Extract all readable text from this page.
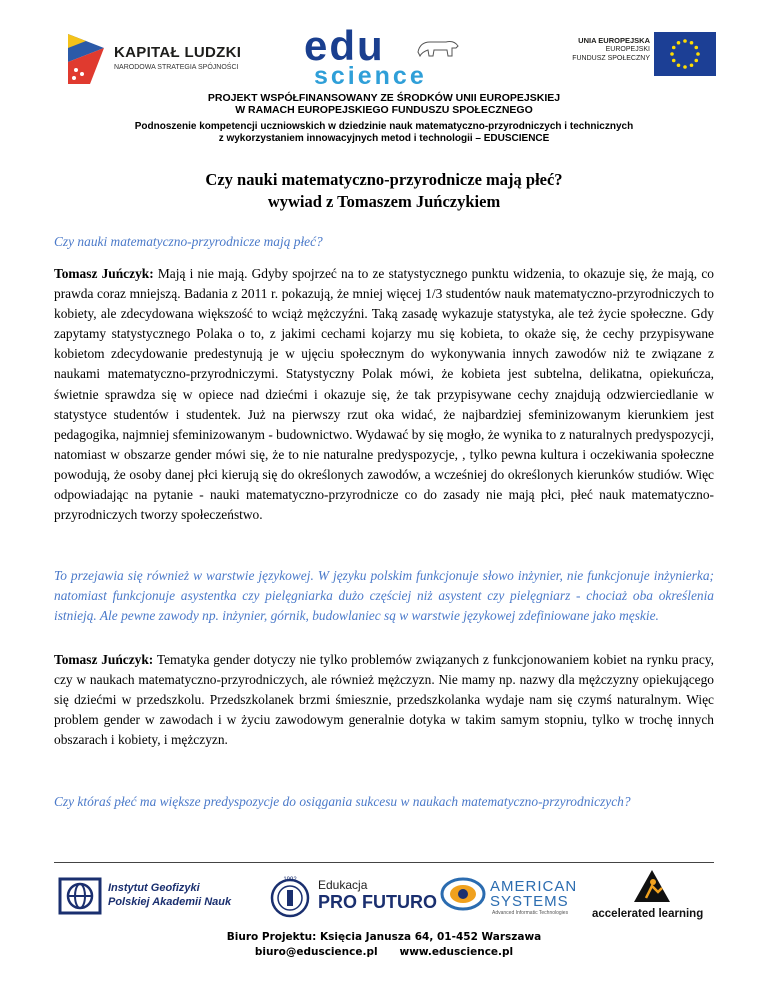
KAPITAŁ LUDZKI
NARODOWA STRATEGIA SPÓJNOŚCI edu
science
UNIA EUROPEJSKA
EUROPEJSKI
FUNDUSZ SPOŁECZNY
PROJEKT WSPÓŁFINANSOWANY ZE ŚRODKÓW UNII EUROPEJSKIEJ
W RAMACH EUROPEJSKIEGO FUNDUSZU SPOŁECZNEGO
Podnoszenie kompetencji uczniowskich w dziedzinie nauk matematyczno-przyrodniczych i technicznych
z wykorzystaniem innowacyjnych metod i technologii – EDUSCIENCE
Czy nauki matematyczno-przyrodnicze mają płeć?
wywiad z Tomaszem Juńczykiem
Czy nauki matematyczno-przyrodnicze mają płeć?
Tomasz Juńczyk: Mają i nie mają. Gdyby spojrzeć na to ze statystycznego punktu widzenia, to okazuje się, że mają, co prawda coraz mniejszą. Badania z 2011 r. pokazują, że mniej więcej 1/3 studentów nauk matematyczno-przyrodniczych to kobiety, ale zdecydowana większość to wciąż mężczyźni. Taką zasadę wykazuje statystyka, ale też życie społeczne. Gdy zapytamy statystycznego Polaka o to, z jakimi cechami kojarzy mu się kobieta, to okaże się, że cechy przypisywane kobietom zdecydowanie predestynują je w ujęciu społecznym do wykonywania innych zawodów niż te związane z naukami matematyczno-przyrodniczymi. Statystyczny Polak mówi, że kobieta jest subtelna, delikatna, opiekuńcza, świetnie sprawdza się w opiece nad dziećmi i okazuje się, że tak przypisywane cechy znajdują odzwierciedlanie w statystyce studentów i studentek. Już na pierwszy rzut oka widać, że najbardziej sfeminizowanym kierunkiem jest pedagogika, najmniej sfeminizowanym - budownictwo. Wydawać by się mogło, że wynika to z naturalnych predyspozycji, natomiast w obszarze gender mówi się, że to nie naturalne predyspozycje, , tylko pewna kultura i oczekiwania społeczne powodują, że osoby danej płci kierują się do określonych zawodów, a wcześniej do określonych kierunków studiów. Więc odpowiadając na pytanie - nauki matematyczno-przyrodnicze co do zasady nie mają płci, płeć nauk matematyczno-przyrodniczych tworzy społeczeństwo.
To przejawia się również w warstwie językowej. W języku polskim funkcjonuje słowo inżynier, nie funkcjonuje inżynierka; natomiast funkcjonuje asystentka czy pielęgniarka dużo częściej niż asystent czy pielęgniarz - chociaż oba określenia istnieją. Ale pewne zawody np. inżynier, górnik, budowlaniec są w warstwie językowej zdefiniowane jako męskie.
Tomasz Juńczyk: Tematyka gender dotyczy nie tylko problemów związanych z funkcjonowaniem kobiet na rynku pracy, czy w naukach matematyczno-przyrodniczych, ale również mężczyzn. Nie mamy np. nazwy dla mężczyzny opiekującego się dziećmi w przedszkolu. Przedszkolanek brzmi śmiesznie, przedszkolanka wydaje nam się czymś naturalnym. Więc problem gender w zawodach i w życiu zawodowym generalnie dotyka w takim samym stopniu, tylko w trochę innych obszarach i kobiety, i mężczyzn.
Czy któraś płeć ma większe predyspozycje do osiągania sukcesu w naukach matematyczno-przyrodniczych?
Instytut Geofizyki
Polskiej Akademii Nauk
1992 Edukacja
PRO FUTURO
AMERICAN
SYSTEMS
Advanced Informatic Technologies accelerated learning
Biuro Projektu: Księcia Janusza 64, 01-452 Warszawa
biuro@eduscience.pl www.eduscience.pl
